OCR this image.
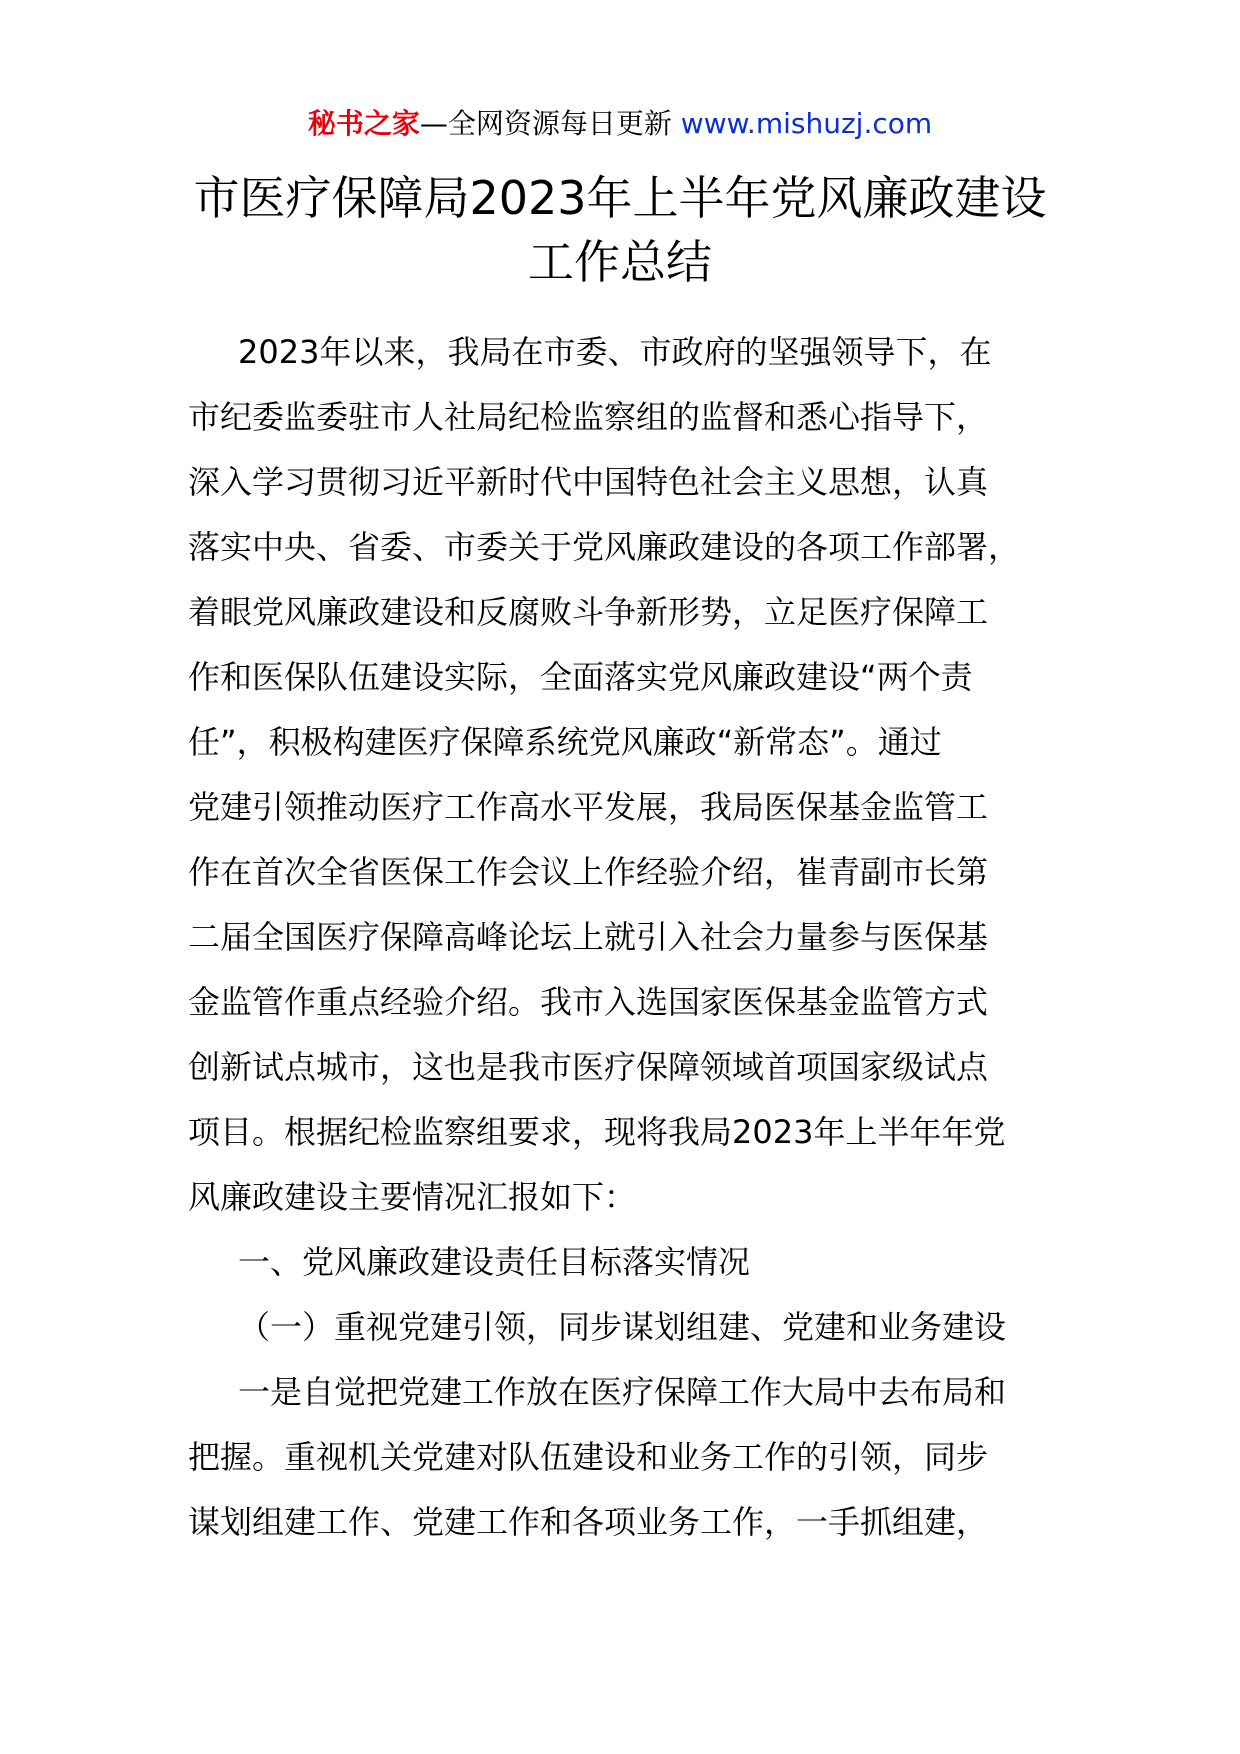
秘书之家—全网资源每日更新 www.mishuzj.com
市医疗保障局2023年上半年党风廉政建设
工作总结
2023年以来，我局在市委、市政府的坚强领导下，在
市纪委监委驻市人社局纪检监察组的监督和悉心指导下，
深入学习贯彻习近平新时代中国特色社会主义思想，认真
落实中央、省委、市委关于党风廉政建设的各项工作部署，
着眼党风廉政建设和反腐败斗争新形势，立足医疗保障工
作和医保队伍建设实际，全面落实党风廉政建设“两个责
任”，积极构建医疗保障系统党风廉政“新常态”。通过
党建引领推动医疗工作高水平发展，我局医保基金监管工
作在首次全省医保工作会议上作经验介绍，崔青副市长第
二届全国医疗保障高峰论坛上就引入社会力量参与医保基
金监管作重点经验介绍。我市入选国家医保基金监管方式
创新试点城市，这也是我市医疗保障领域首项国家级试点
项目。根据纪检监察组要求，现将我局2023年上半年年党
风廉政建设主要情况汇报如下：
一、党风廉政建设责任目标落实情况
（一）重视党建引领，同步谋划组建、党建和业务建设
一是自觉把党建工作放在医疗保障工作大局中去布局和
把握。重视机关党建对队伍建设和业务工作的引领，同步
谋划组建工作、党建工作和各项业务工作，一手抓组建，
